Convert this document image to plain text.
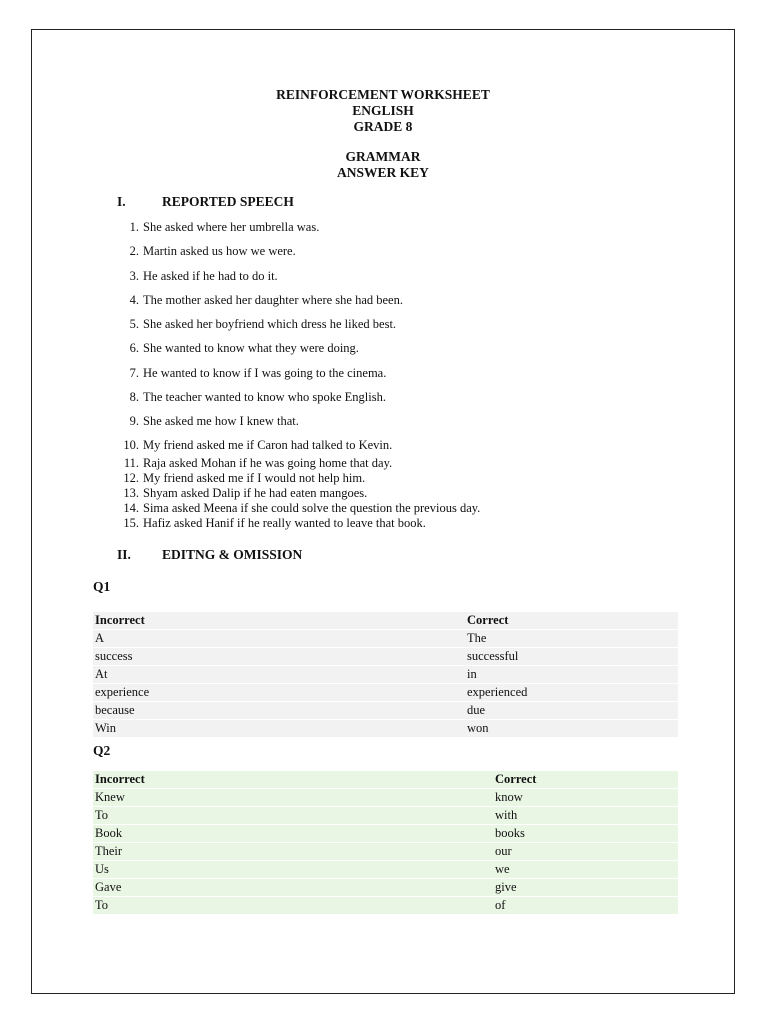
REINFORCEMENT WORKSHEET
ENGLISH
GRADE 8
GRAMMAR
ANSWER KEY
I.	REPORTED SPEECH
1. She asked where her umbrella was.
2. Martin asked us how we were.
3. He asked if he had to do it.
4. The mother asked her daughter where she had been.
5. She asked her boyfriend which dress he liked best.
6. She wanted to know what they were doing.
7. He wanted to know if I was going to the cinema.
8. The teacher wanted to know who spoke English.
9. She asked me how I knew that.
10. My friend asked me if Caron had talked to Kevin.
11. Raja asked Mohan if he was going home that day.
12. My friend asked me if I would not help him.
13. Shyam asked Dalip if he had eaten mangoes.
14. Sima asked Meena if she could solve the question the previous day.
15. Hafiz asked Hanif if he really wanted to leave that book.
II. EDITNG & OMISSION
Q1
Incorrect	Correct
A	The
success	successful
At	in
experience	experienced
because	due
Win	won
Q2
Incorrect	Correct
Knew	know
To	with
Book	books
Their	our
Us	we
Gave	give
To	of
